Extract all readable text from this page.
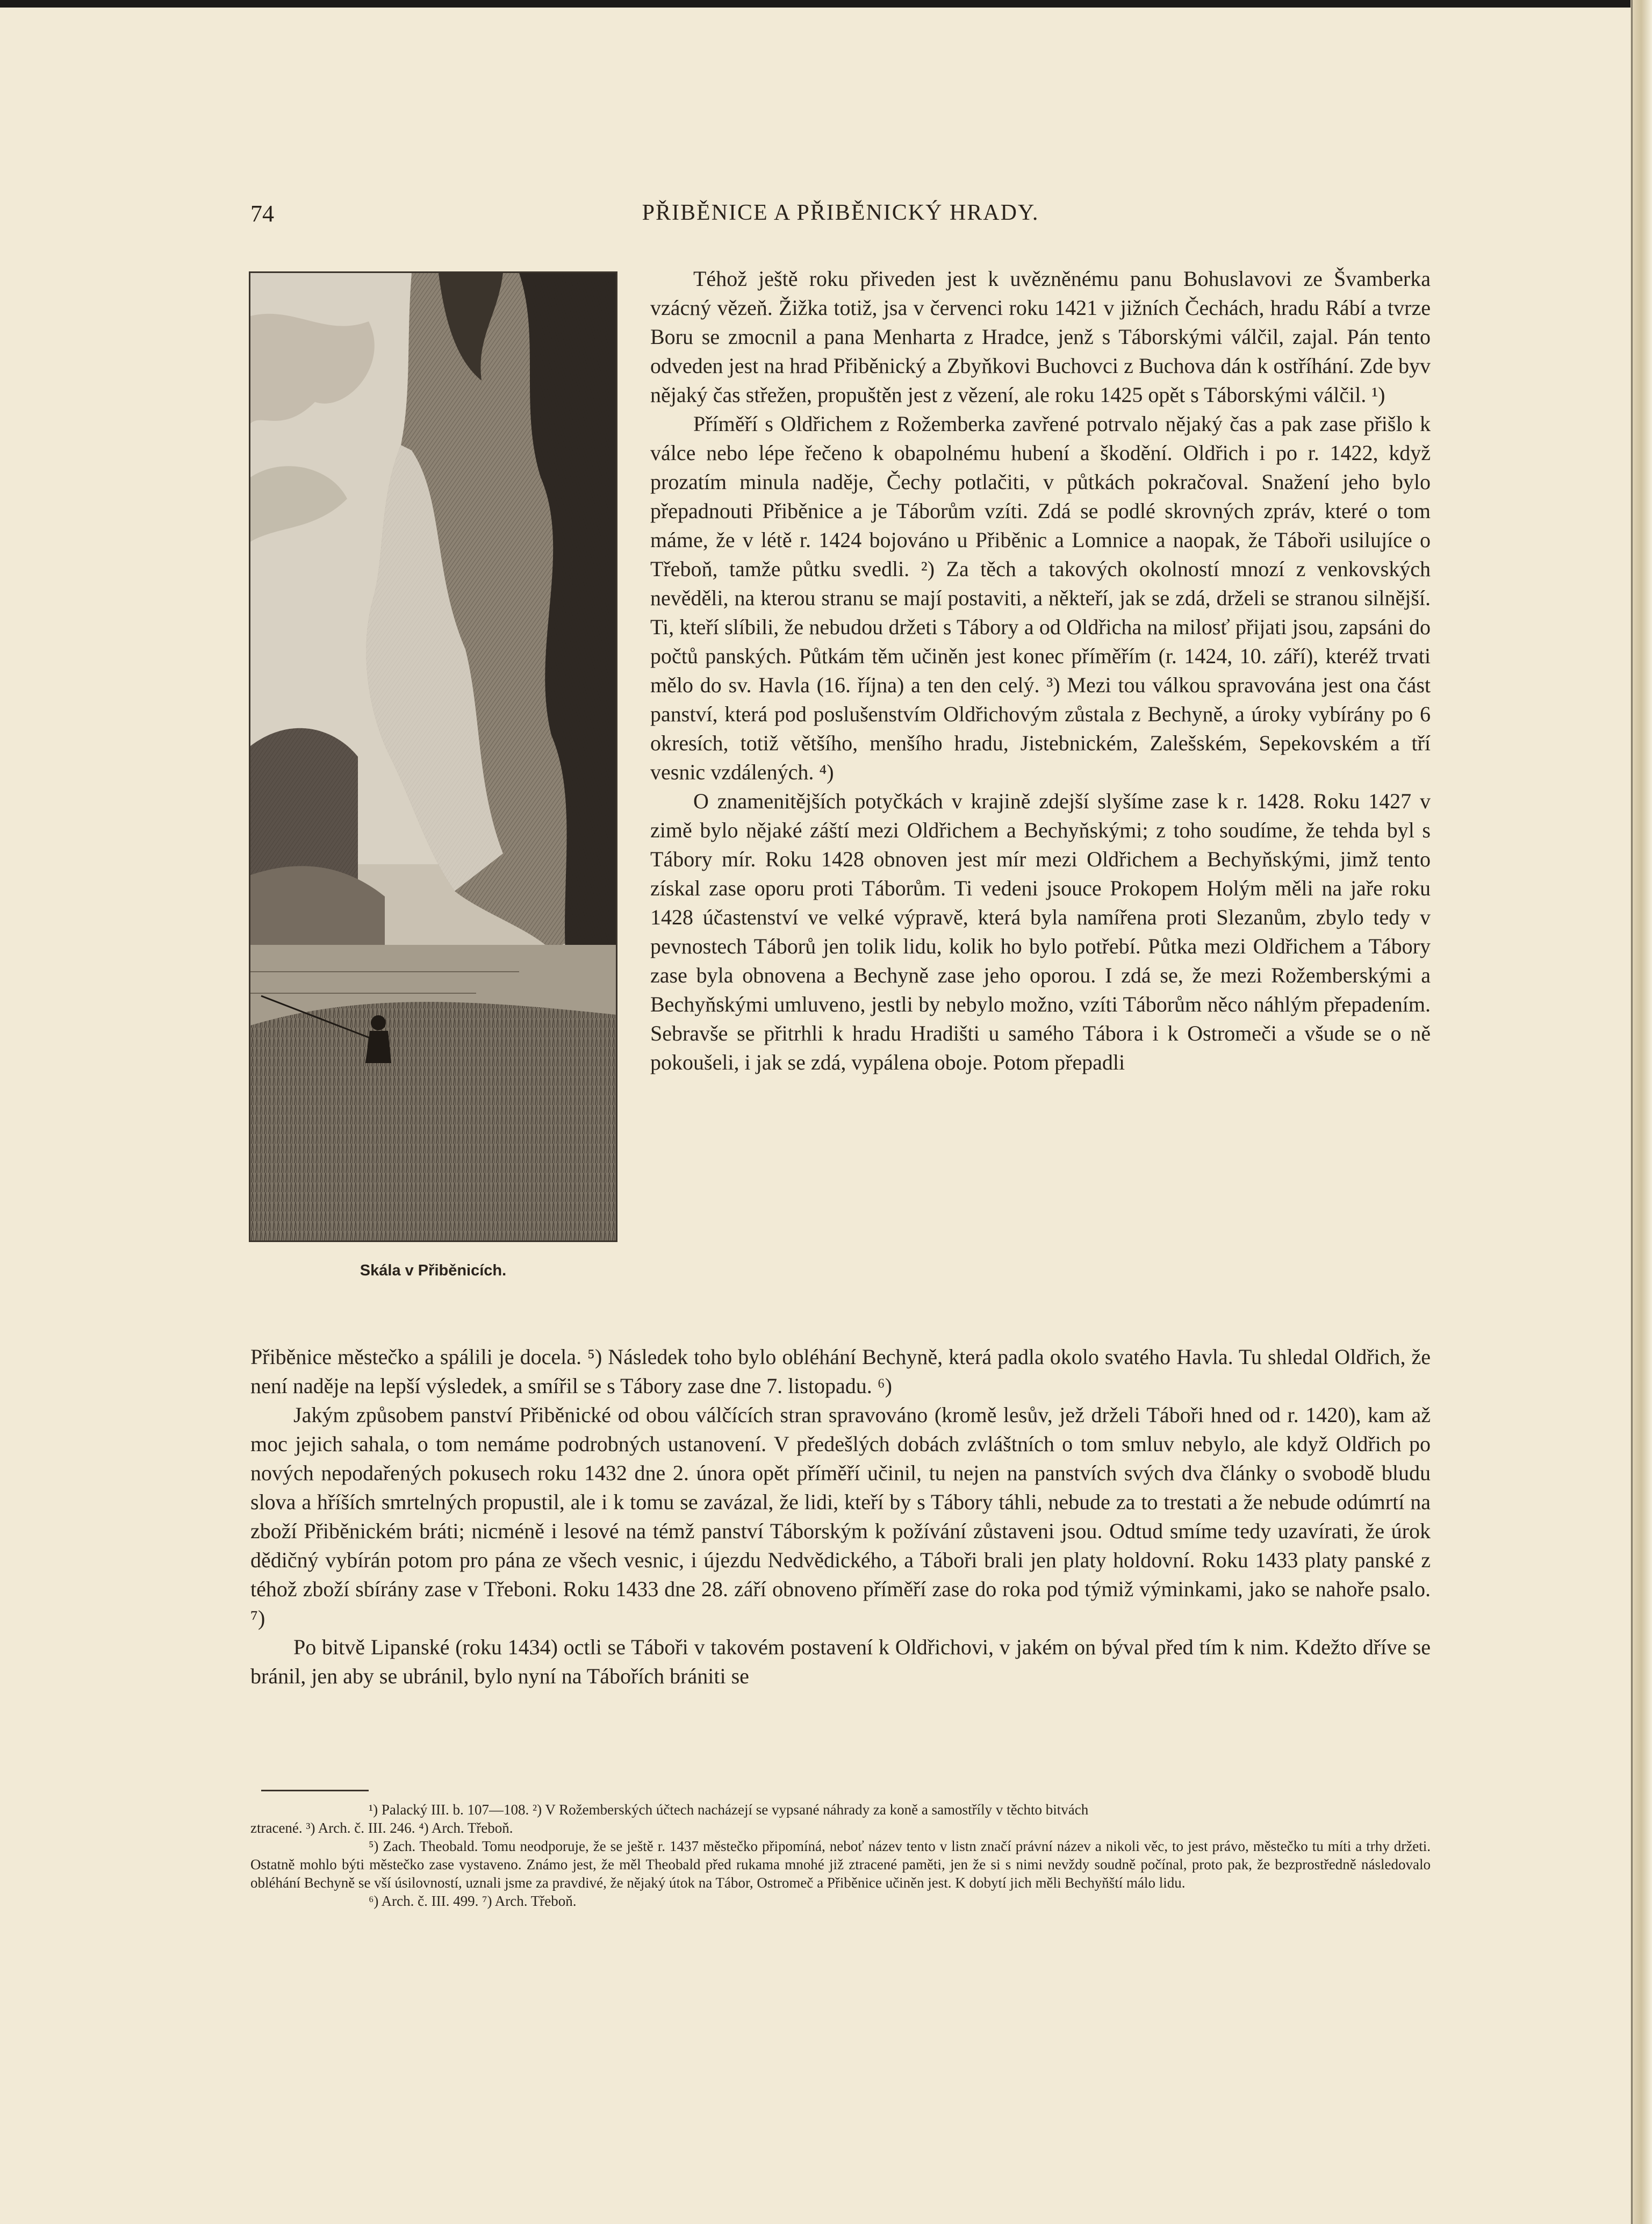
74	PŘIBĚNICE A PŘIBĚNICKÝ HRADY.
Skála v Přiběnicích.

Téhož ještě roku přiveden jest k uvězněnému panu Bohuslavovi ze Švamberka vzácný vězeň. Žižka totiž, jsa v červenci roku 1421 v jižních Čechách, hradu Rábí a tvrze Boru se zmocnil a pana Menharta z Hradce, jenž s Táborskými válčil, zajal. Pán tento odveden jest na hrad Přiběnický a Zbyňkovi Buchovci z Buchova dán k ostříhání. Zde byv nějaký čas střežen, propuštěn jest z vězení, ale roku 1425 opět s Táborskými válčil. ¹)

Příměří s Oldřichem z Rožemberka zavřené potrvalo nějaký čas a pak zase přišlo k válce nebo lépe řečeno k obapolnému hubení a škodění. Oldřich i po r. 1422, když prozatím minula naděje, Čechy potlačiti, v půtkách pokračoval. Snažení jeho bylo přepadnouti Přiběnice a je Táborům vzíti. Zdá se podlé skrovných zpráv, které o tom máme, že v létě r. 1424 bojováno u Přiběnic a Lomnice a naopak, že Tábořі usilujíce o Třeboň, tamže půtku svedli. ²) Za těch a takových okolností mnozí z venkovských nevěděli, na kterou stranu se mají postaviti, a někteří, jak se zdá, drželi se stranou silnější. Ti, kteří slíbili, že nebudou držeti s Tábory a od Oldřicha na milosť přijati jsou, zapsáni do počtů panských. Půtkám těm učiněn jest konec příměřím (r. 1424, 10. září), kteréž trvati mělo do sv. Havla (16. října) a ten den celý. ³) Mezi tou válkou spravována jest ona část panství, která pod poslušenstvím Oldřichovým zůstala z Bechyně, a úroky vybírány po 6 okresích, totiž většího, menšího hradu, Jistebnickém, Zalešském, Sepekovském a tří vesnic vzdálených. ⁴)

O znamenitějších potyčkách v krajině zdejší slyšíme zase k r. 1428. Roku 1427 v zimě bylo nějaké záští mezi Oldřichem a Bechyňskými; z toho soudíme, že tehda byl s Tábory mír. Roku 1428 obnoven jest mír mezi Oldřichem a Bechyňskými, jimž tento získal zase oporu proti Táborům. Ti vedeni jsouce Prokopem Holým měli na jaře roku 1428 účastenství ve velké výpravě, která byla namířena proti Slezanům, zbylo tedy v pevnostech Táborů jen tolik lidu, kolik ho bylo potřebí. Půtka mezi Oldřichem a Tábory zase byla obnovena a Bechyně zase jeho oporou. I zdá se, že mezi Rožemberskými a Bechyňskými umluveno, jestli by nebylo možno, vzíti Táborům něco náhlým přepadením. Sebravše se přitrhli k hradu Hradišti u samého Tábora i k Ostromeči a všude se o ně pokoušeli, i jak se zdá, vypálena oboje. Potom přepadli

Přiběnice městečko a spálili je docela. ⁵) Následek toho bylo obléhání Bechyně, která padla okolo svatého Havla. Tu shledal Oldřich, že není naděje na lepší výsledek, a smířil se s Tábory zase dne 7. listopadu. ⁶)

Jakým způsobem panství Přiběnické od obou válčících stran spravováno (kromě lesův, jež drželi Tábořі hned od r. 1420), kam až moc jejich sahala, o tom nemáme podrobných ustanovení. V předešlých dobách zvláštních o tom smluv nebylo, ale když Oldřich po nových nepodařených pokusech roku 1432 dne 2. února opět příměří učinil, tu nejen na panstvích svých dva články o svobodě bludu slova a hříších smrtelných propustil, ale i k tomu se zavázal, že lidi, kteří by s Tábory táhli, nebude za to trestati a že nebude odúmrtí na zboží Přiběnickém bráti; nicméně i lesové na témž panství Táborským k požívání zůstaveni jsou. Odtud smíme tedy uzavírati, že úrok dědičný vybírán potom pro pána ze všech vesnic, i újezdu Nedvědického, a Tábořі brali jen platy holdovní. Roku 1433 platy panské z téhož zboží sbírány zase v Třeboni. Roku 1433 dne 28. září obnoveno příměří zase do roka pod týmiž výminkami, jako se nahoře psalo. ⁷)

Po bitvě Lipanské (roku 1434) octli se Tábořі v takovém postavení k Oldřichovi, v jakém on býval před tím k nim. Kdežto dříve se bránil, jen aby se ubránil, bylo nyní na Tábořích brániti se

¹) Palacký III. b. 107—108. ²) V Rožemberských účtech nacházejí se vypsané náhrady za koně a samostříly v těchto bitvách

ztracené. ³) Arch. č. III. 246. ⁴) Arch. Třeboň.

⁵) Zach. Theobald. Tomu neodporuje, že se ještě r. 1437 městečko připomíná, neboť název tento v listn značí právní název a nikoli věc, to jest právo, městečko tu míti a trhy držeti. Ostatně mohlo býti městečko zase vystaveno. Známo jest, že měl Theobald před rukama mnohé již ztracené paměti, jen že si s nimi nevždy soudně počínal, proto pak, že bezprostředně následovalo obléhání Bechyně se vší úsilovností, uznali jsme za pravdivé, že nějaký útok na Tábor, Ostromeč a Přiběnice učiněn jest. K dobytí jich měli Bechyňští málo lidu.

⁶) Arch. č. III. 499. ⁷) Arch. Třeboň.
